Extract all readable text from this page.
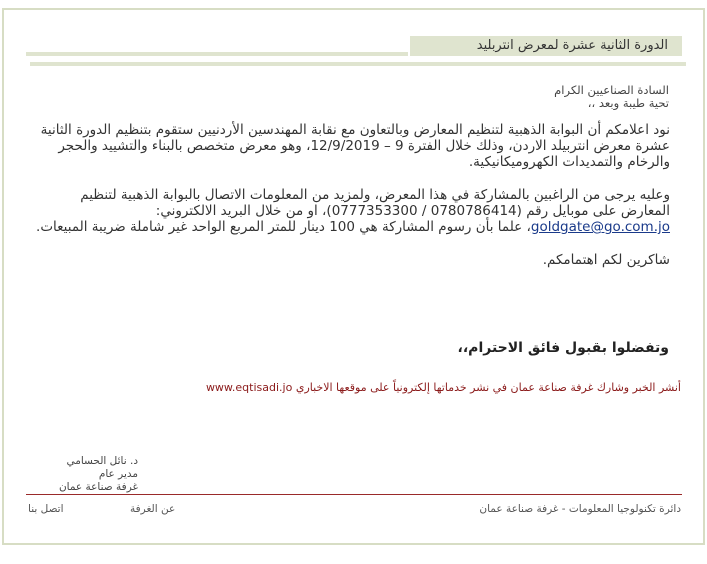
الدورة الثانية عشرة لمعرض انتربليد
السادة الصناعيين الكرام
تحية طيبة وبعد ،،

نود اعلامكم أن البوابة الذهبية لتنظيم المعارض وبالتعاون مع نقابة المهندسين الأردنيين ستقوم بتنظيم الدورة الثانية عشرة معرض انتربيلد الاردن، وذلك خلال الفترة 9 – 12/9/2019، وهو معرض متخصص بالبناء والتشييد والحجر والرخام والتمديدات الكهروميكانيكية.

وعليه يرجى من الراغبين بالمشاركة في هذا المعرض، ولمزيد من المعلومات الاتصال بالبوابة الذهبية لتنظيم المعارض على موبايل رقم (0780786414 / 0777353300)، او من خلال البريد الالكتروني: goldgate@go.com.jo، علما بأن رسوم المشاركة هي 100 دينار للمتر المربع الواحد غير شاملة ضريبة المبيعات.

شاكرين لكم اهتمامكم.

وتفضلوا بقبول فائق الاحترام،،
أنشر الخبر وشارك غرفة صناعة عمان في نشر خدماتها إلكترونياً على موقعها الاخباري www.eqtisadi.jo
د. نائل الحسامي
مدير عام
غرفة صناعة عمان
دائرة تكنولوجيا المعلومات - غرفة صناعة عمان
عن الغرفة
اتصل بنا
